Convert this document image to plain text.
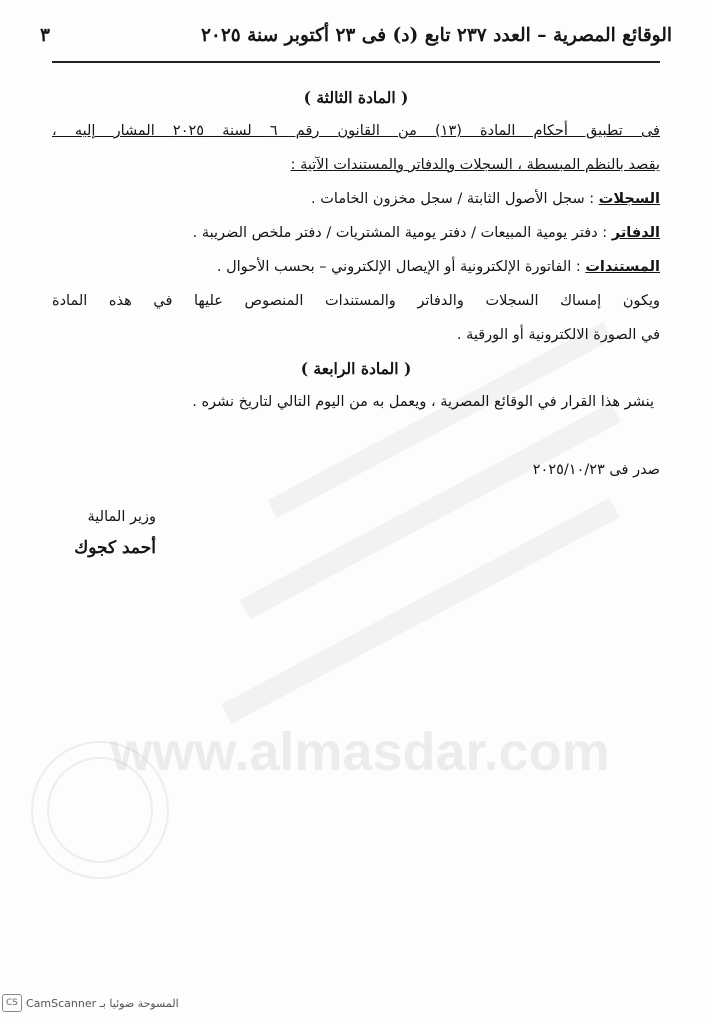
www.almasdar.com
الوقائع المصرية – العدد ٢٣٧ تابع (د) فى ٢٣ أكتوبر سنة ٢٠٢٥
٣
( المادة الثالثة )
فى تطبيق أحكام المادة (١٣) من القانون رقم ٦ لسنة ٢٠٢٥ المشار إليه ،
يقصد بالنظم المبسطة ، السجلات والدفاتر والمستندات الآتية :
السجلات : سجل الأصول الثابتة / سجل مخزون الخامات .
الدفاتر : دفتر يومية المبيعات / دفتر يومية المشتريات / دفتر ملخص الضريبة .
المستندات : الفاتورة الإلكترونية أو الإيصال الإلكتروني – بحسب الأحوال .
ويكون إمساك السجلات والدفاتر والمستندات المنصوص عليها في هذه المادة
في الصورة الالكترونية أو الورقية .
( المادة الرابعة )
ينشر هذا القرار في الوقائع المصرية ، ويعمل به من اليوم التالي لتاريخ نشره .
صدر فى ٢٠٢٥/١٠/٢٣
وزير المالية
أحمد كجوك
CS CamScanner المسوحة ضوئيا بـ
